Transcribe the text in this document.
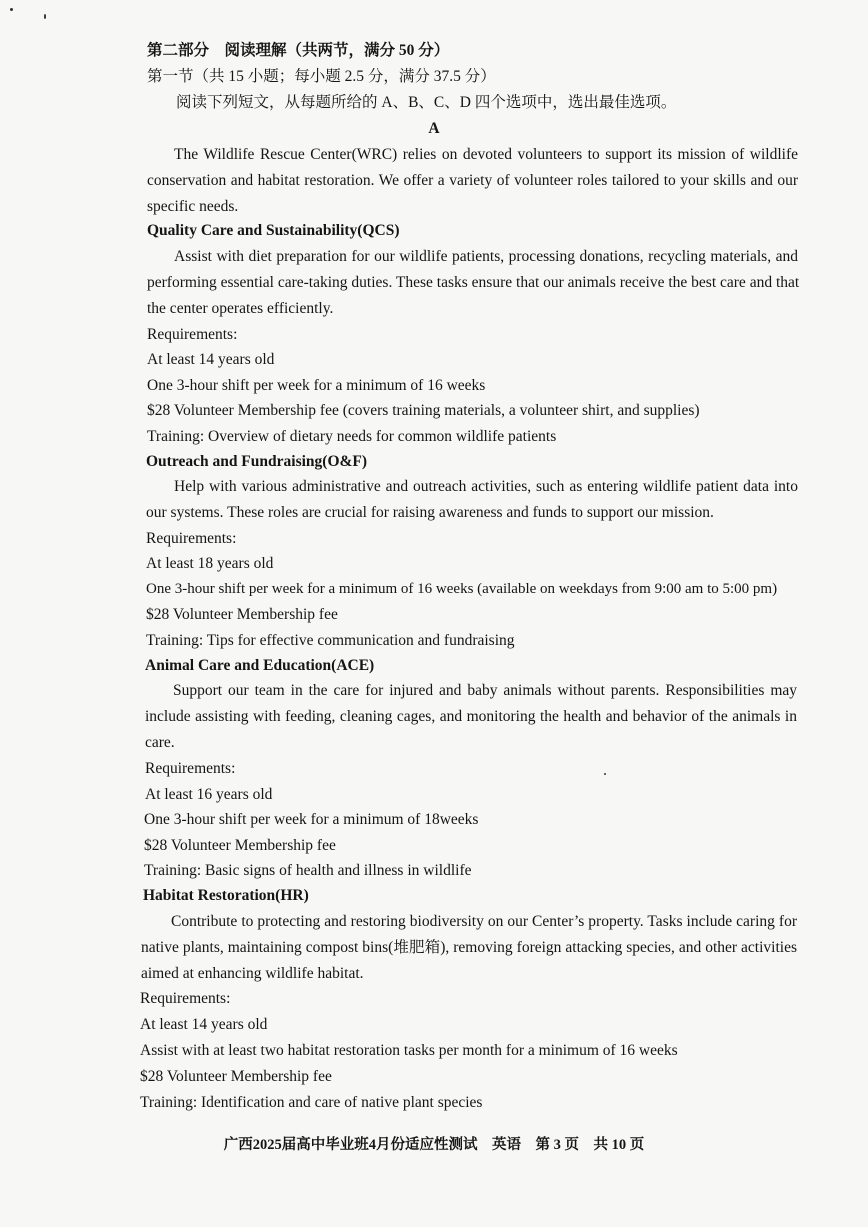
第二部分　阅读理解（共两节，满分 50 分）
第一节（共 15 小题；每小题 2.5 分，满分 37.5 分）
阅读下列短文，从每题所给的 A、B、C、D 四个选项中，选出最佳选项。
A
The Wildlife Rescue Center(WRC) relies on devoted volunteers to support its mission of wildlife
conservation and habitat restoration. We offer a variety of volunteer roles tailored to your skills and our
specific needs.
Quality Care and Sustainability(QCS)
Assist with diet preparation for our wildlife patients, processing donations, recycling materials, and
performing essential care-taking duties. These tasks ensure that our animals receive the best care and that
the center operates efficiently.
Requirements:
At least 14 years old
One 3-hour shift per week for a minimum of 16 weeks
$28 Volunteer Membership fee (covers training materials, a volunteer shirt, and supplies)
Training: Overview of dietary needs for common wildlife patients
Outreach and Fundraising(O&F)
Help with various administrative and outreach activities, such as entering wildlife patient data into
our systems. These roles are crucial for raising awareness and funds to support our mission.
Requirements:
At least 18 years old
One 3-hour shift per week for a minimum of 16 weeks (available on weekdays from 9:00 am to 5:00 pm)
$28 Volunteer Membership fee
Training: Tips for effective communication and fundraising
Animal Care and Education(ACE)
Support our team in the care for injured and baby animals without parents. Responsibilities may
include assisting with feeding, cleaning cages, and monitoring the health and behavior of the animals in
care.
Requirements:
At least 16 years old
One 3-hour shift per week for a minimum of 18weeks
$28 Volunteer Membership fee
Training: Basic signs of health and illness in wildlife
Habitat Restoration(HR)
Contribute to protecting and restoring biodiversity on our Center’s property. Tasks include caring for
native plants, maintaining compost bins(堆肥箱), removing foreign attacking species, and other activities
aimed at enhancing wildlife habitat.
Requirements:
At least 14 years old
Assist with at least two habitat restoration tasks per month for a minimum of 16 weeks
$28 Volunteer Membership fee
Training: Identification and care of native plant species
广西2025届高中毕业班4月份适应性测试　英语　第 3 页　共 10 页
